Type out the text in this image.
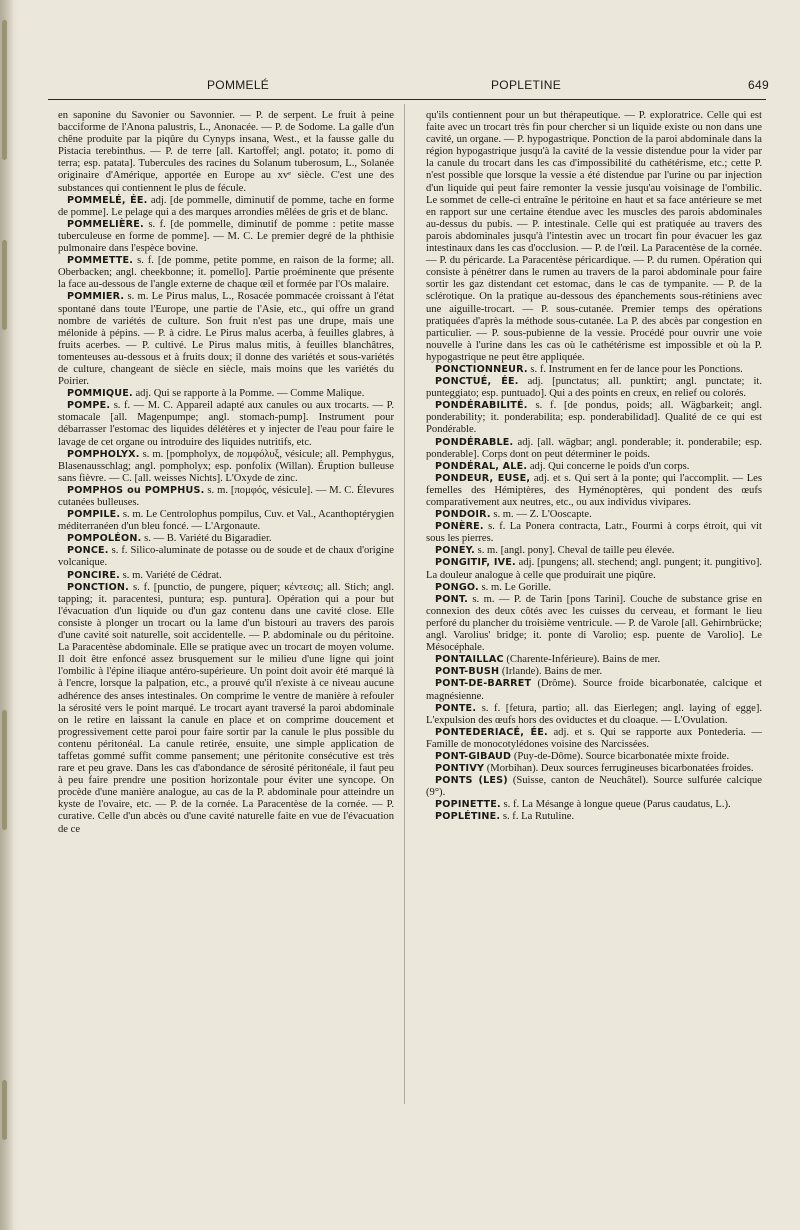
POMMELÉ	POPLETINE	649

en saponine du Savonier ou Savonnier. — P. de serpent. Le fruit à peine bacciforme de l'Anona palustris, L., Anonacée. — P. de Sodome. La galle d'un chêne produite par la piqûre du Cynyps insana, West., et la fausse galle du Pistacia terebinthus. — P. de terre [all. Kartoffel; angl. potato; it. pomo di terra; esp. patata]. Tubercules des racines du Solanum tuberosum, L., Solanée originaire d'Amérique, apportée en Europe au xvᵉ siècle. C'est une des substances qui contiennent le plus de fécule.

POMMELÉ, ÉE. adj. [de pommelle, diminutif de pomme, tache en forme de pomme]. Le pelage qui a des marques arrondies mêlées de gris et de blanc.

POMMELIÈRE. s. f. [de pommelle, diminutif de pomme : petite masse tuberculeuse en forme de pomme]. — M. C. Le premier degré de la phthisie pulmonaire dans l'espèce bovine.

POMMETTE. s. f. [de pomme, petite pomme, en raison de la forme; all. Oberbacken; angl. cheekbonne; it. pomello]. Partie proéminente que présente la face au-dessous de l'angle externe de chaque œil et formée par l'Os malaire.

POMMIER. s. m. Le Pirus malus, L., Rosacée pommacée croissant à l'état spontané dans toute l'Europe, une partie de l'Asie, etc., qui offre un grand nombre de variétés de culture. Son fruit n'est pas une drupe, mais une mélonide à pépins. — P. à cidre. Le Pirus malus acerba, à feuilles glabres, à fruits acerbes. — P. cultivé. Le Pirus malus mitis, à feuilles blanchâtres, tomenteuses au-dessous et à fruits doux; il donne des variétés et sous-variétés de culture, changeant de siècle en siècle, mais moins que les variétés du Poirier.

POMMIQUE. adj. Qui se rapporte à la Pomme. — Comme Malique.

POMPE. s. f. — M. C. Appareil adapté aux canules ou aux trocarts. — P. stomacale [all. Magenpumpe; angl. stomach-pump]. Instrument pour débarrasser l'estomac des liquides délétères et y injecter de l'eau pour faire le lavage de cet organe ou introduire des liquides nutritifs, etc.

POMPHOLYX. s. m. [pompholyx, de πομφόλυξ, vésicule; all. Pemphygus, Blasenausschlag; angl. pompholyx; esp. ponfolix (Willan). Éruption bulleuse sans fièvre. — C. [all. weisses Nichts]. L'Oxyde de zinc.

POMPHOS ou POMPHUS. s. m. [πομφός, vésicule]. — M. C. Élevures cutanées bulleuses.

POMPILE. s. m. Le Centrolophus pompilus, Cuv. et Val., Acanthoptérygien méditerranéen d'un bleu foncé. — L'Argonaute.

POMPOLÉON. s. — B. Variété du Bigaradier.

PONCE. s. f. Silico-aluminate de potasse ou de soude et de chaux d'origine volcanique.

PONCIRE. s. m. Variété de Cédrat.

PONCTION. s. f. [punctio, de pungere, piquer; κέντεσις; all. Stich; angl. tapping; it. paracentesi, puntura; esp. puntura]. Opération qui a pour but l'évacuation d'un liquide ou d'un gaz contenu dans une cavité close. Elle consiste à plonger un trocart ou la lame d'un bistouri au travers des parois d'une cavité soit naturelle, soit accidentelle. — P. abdominale ou du péritoine. La Paracentèse abdominale. Elle se pratique avec un trocart de moyen volume. Il doit être enfoncé assez brusquement sur le milieu d'une ligne qui joint l'ombilic à l'épine iliaque antéro-supérieure. Un point doit avoir été marqué là à l'encre, lorsque la palpation, etc., a prouvé qu'il n'existe à ce niveau aucune adhérence des anses intestinales. On comprime le ventre de manière à refouler la sérosité vers le point marqué. Le trocart ayant traversé la paroi abdominale on le retire en laissant la canule en place et on comprime doucement et progressivement cette paroi pour faire sortir par la canule le plus possible du contenu péritonéal. La canule retirée, ensuite, une simple application de taffetas gommé suffit comme pansement; une péritonite consécutive est très rare et peu grave. Dans les cas d'abondance de sérosité péritonéale, il faut peu à peu faire prendre une position horizontale pour éviter une syncope. On procède d'une manière analogue, au cas de la P. abdominale pour atteindre un kyste de l'ovaire, etc. — P. de la cornée. La Paracentèse de la cornée. — P. curative. Celle d'un abcès ou d'une cavité naturelle faite en vue de l'évacuation de ce

qu'ils contiennent pour un but thérapeutique. — P. exploratrice. Celle qui est faite avec un trocart très fin pour chercher si un liquide existe ou non dans une cavité, un organe. — P. hypogastrique. Ponction de la paroi abdominale dans la région hypogastrique jusqu'à la cavité de la vessie distendue pour la vider par la canule du trocart dans les cas d'impossibilité du cathétérisme, etc.; cette P. n'est possible que lorsque la vessie a été distendue par l'urine ou par injection d'un liquide qui peut faire remonter la vessie jusqu'au voisinage de l'ombilic. Le sommet de celle-ci entraîne le péritoine en haut et sa face antérieure se met en rapport sur une certaine étendue avec les muscles des parois abdominales au-dessus du pubis. — P. intestinale. Celle qui est pratiquée au travers des parois abdominales jusqu'à l'intestin avec un trocart fin pour évacuer les gaz intestinaux dans les cas d'occlusion. — P. de l'œil. La Paracentèse de la cornée. — P. du péricarde. La Paracentèse péricardique. — P. du rumen. Opération qui consiste à pénétrer dans le rumen au travers de la paroi abdominale pour faire sortir les gaz distendant cet estomac, dans le cas de tympanite. — P. de la sclérotique. On la pratique au-dessous des épanchements sous-rétiniens avec une aiguille-trocart. — P. sous-cutanée. Premier temps des opérations pratiquées d'après la méthode sous-cutanée. La P. des abcès par congestion en particulier. — P. sous-pubienne de la vessie. Procédé pour ouvrir une voie nouvelle à l'urine dans les cas où le cathétérisme est impossible et où la P. hypogastrique ne peut être appliquée.

PONCTIONNEUR. s. f. Instrument en fer de lance pour les Ponctions.

PONCTUÉ, ÉE. adj. [punctatus; all. punktirt; angl. punctate; it. punteggiato; esp. puntuado]. Qui a des points en creux, en relief ou colorés.

PONDÉRABILITÉ. s. f. [de pondus, poids; all. Wägbarkeit; angl. ponderability; it. ponderabilita; esp. ponderabilidad]. Qualité de ce qui est Pondérable.

PONDÉRABLE. adj. [all. wägbar; angl. ponderable; it. ponderabile; esp. ponderable]. Corps dont on peut déterminer le poids.

PONDÉRAL, ALE. adj. Qui concerne le poids d'un corps.

PONDEUR, EUSE, adj. et s. Qui sert à la ponte; qui l'accomplit. — Les femelles des Hémiptères, des Hyménoptères, qui pondent des œufs comparativement aux neutres, etc., ou aux individus vivipares.

PONDOIR. s. m. — Z. L'Ooscapte.

PONÈRE. s. f. La Ponera contracta, Latr., Fourmi à corps étroit, qui vit sous les pierres.

PONEY. s. m. [angl. pony]. Cheval de taille peu élevée.

PONGITIF, IVE. adj. [pungens; all. stechend; angl. pungent; it. pungitivo]. La douleur analogue à celle que produirait une piqûre.

PONGO. s. m. Le Gorille.

PONT. s. m. — P. de Tarin [pons Tarini]. Couche de substance grise en connexion des deux côtés avec les cuisses du cerveau, et formant le lieu perforé du plancher du troisième ventricule. — P. de Varole [all. Gehirnbrücke; angl. Varolius' bridge; it. ponte di Varolio; esp. puente de Varolio]. Le Mésocéphale.

PONTAILLAC (Charente-Inférieure). Bains de mer.

PONT-BUSH (Irlande). Bains de mer.

PONT-DE-BARRET (Drôme). Source froide bicarbonatée, calcique et magnésienne.

PONTE. s. f. [fetura, partio; all. das Eierlegen; angl. laying of egge]. L'expulsion des œufs hors des oviductes et du cloaque. — L'Ovulation.

PONTEDERIACÉ, ÉE. adj. et s. Qui se rapporte aux Pontederia. — Famille de monocotylédones voisine des Narcissées.

PONT-GIBAUD (Puy-de-Dôme). Source bicarbonatée mixte froide.

PONTIVY (Morbihan). Deux sources ferrugineuses bicarbonatées froides.

PONTS (LES) (Suisse, canton de Neuchâtel). Source sulfurée calcique (9°).

POPINETTE. s. f. La Mésange à longue queue (Parus caudatus, L.).

POPLÉTINE. s. f. La Rutuline.
